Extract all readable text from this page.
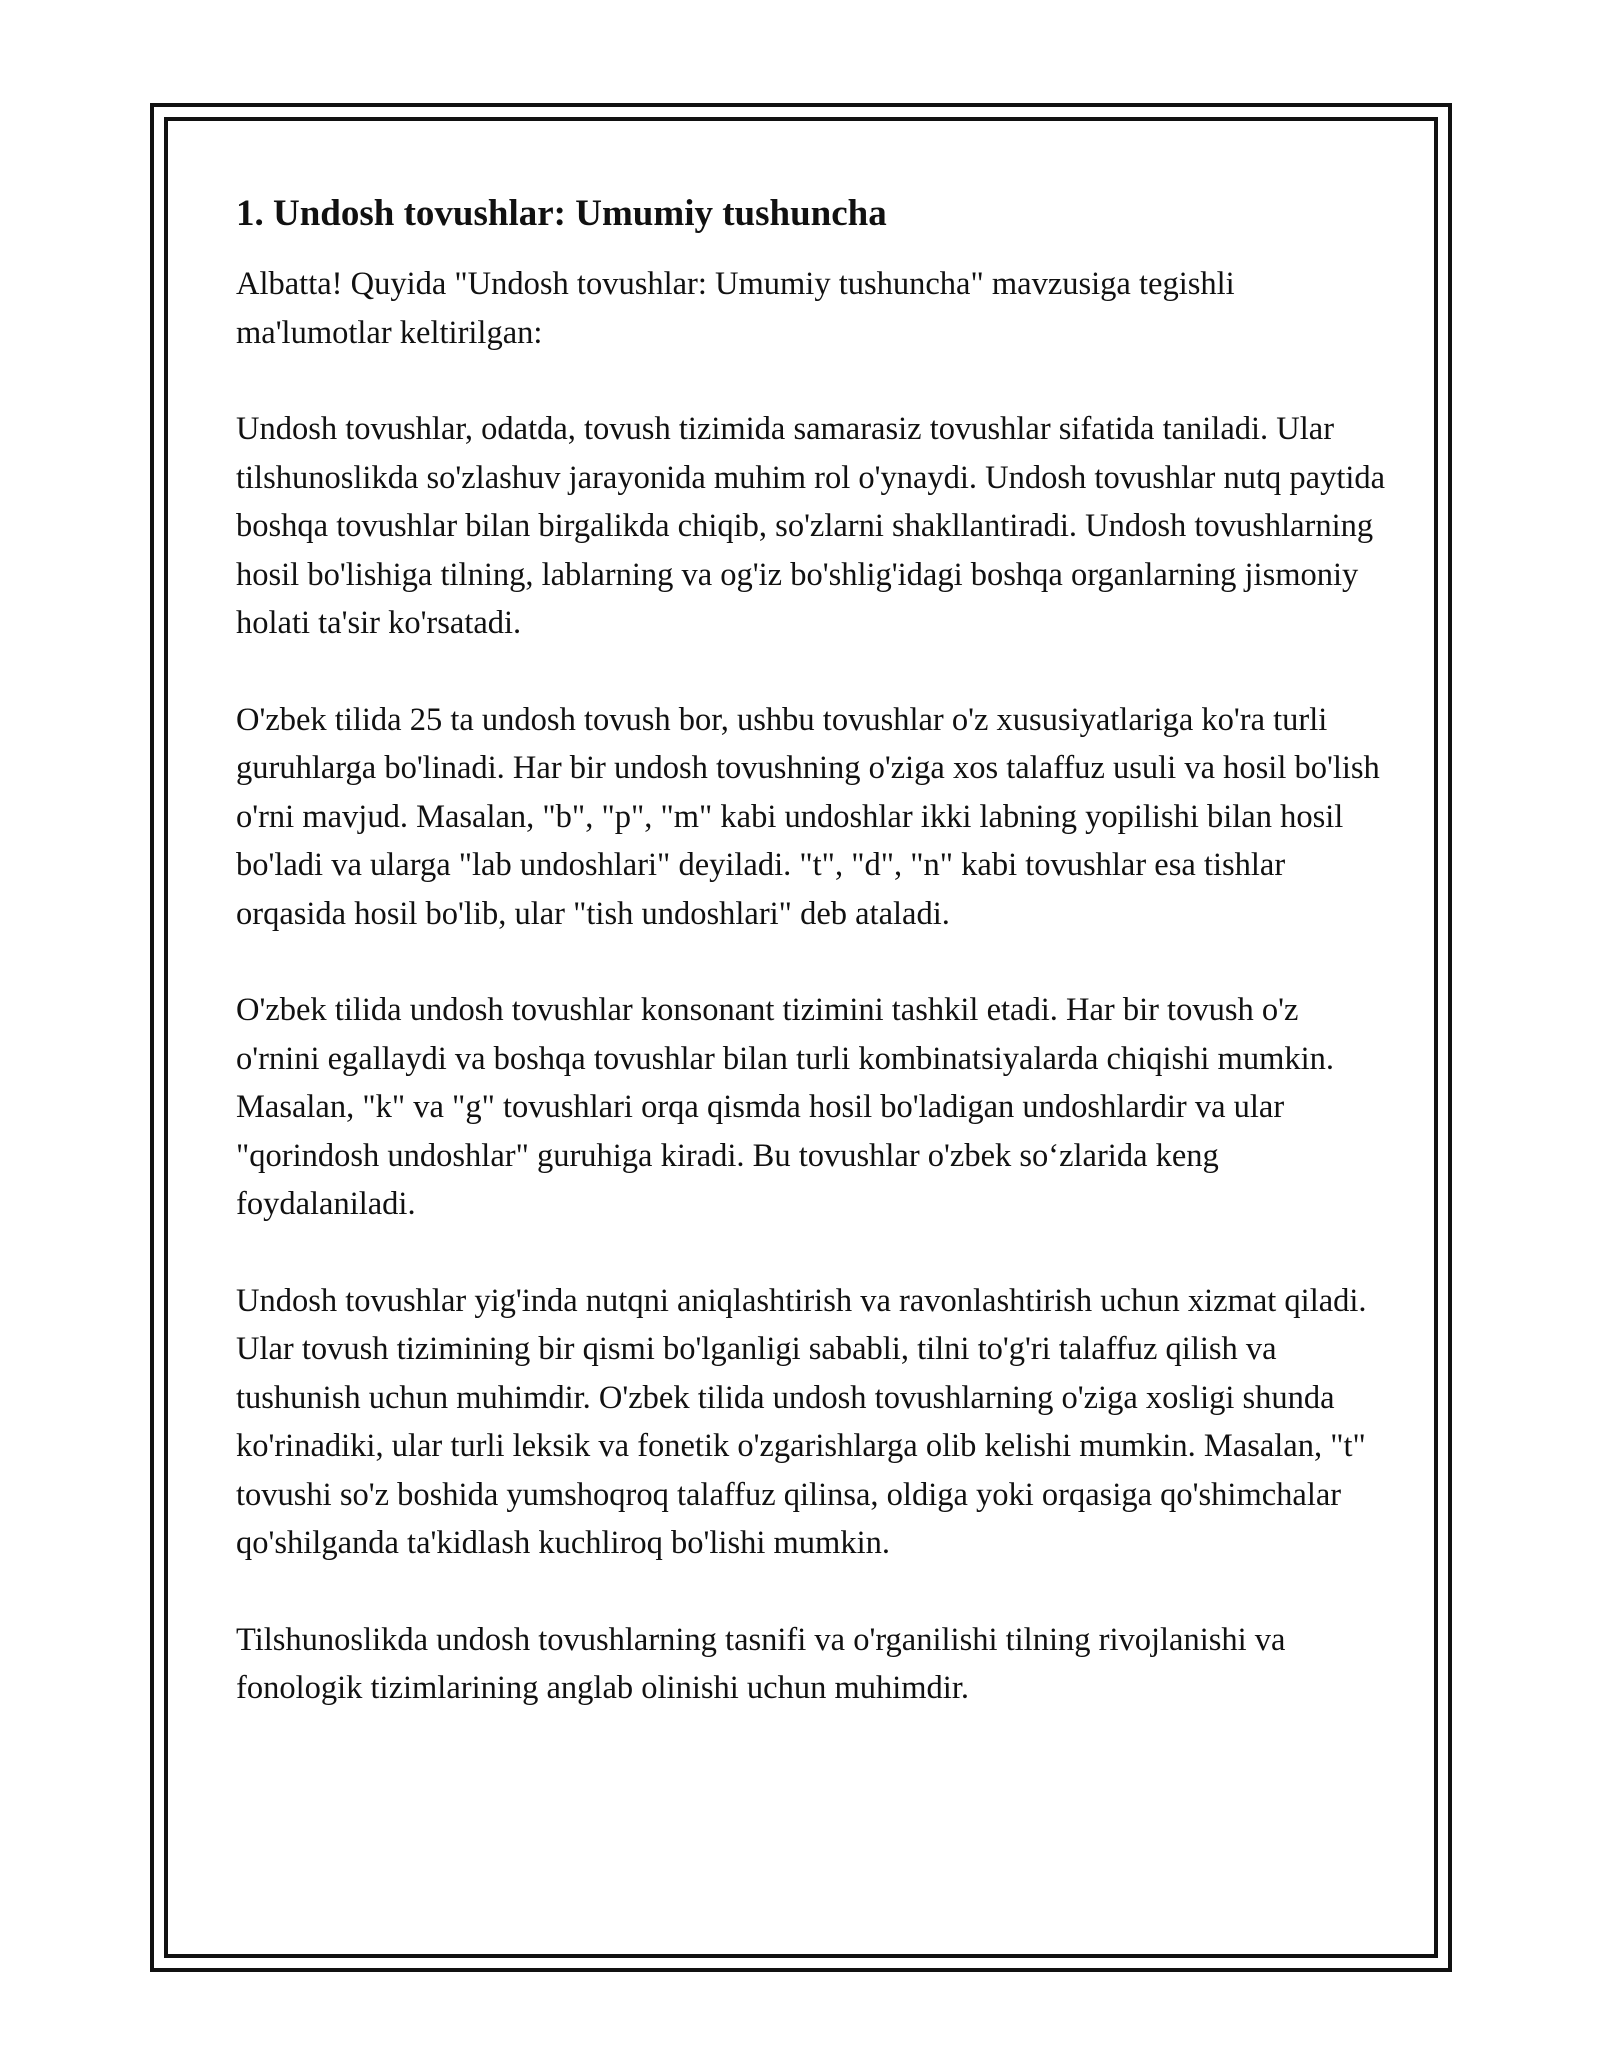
1. Undosh tovushlar: Umumiy tushuncha

Albatta! Quyida "Undosh tovushlar: Umumiy tushuncha" mavzusiga tegishli ma'lumotlar keltirilgan:

Undosh tovushlar, odatda, tovush tizimida samarasiz tovushlar sifatida taniladi. Ular tilshunoslikda so'zlashuv jarayonida muhim rol o'ynaydi. Undosh tovushlar nutq paytida boshqa tovushlar bilan birgalikda chiqib, so'zlarni shakllantiradi. Undosh tovushlarning hosil bo'lishiga tilning, lablarning va og'iz bo'shlig'idagi boshqa organlarning jismoniy holati ta'sir ko'rsatadi.

O'zbek tilida 25 ta undosh tovush bor, ushbu tovushlar o'z xususiyatlariga ko'ra turli guruhlarga bo'linadi. Har bir undosh tovushning o'ziga xos talaffuz usuli va hosil bo'lish o'rni mavjud. Masalan, "b", "p", "m" kabi undoshlar ikki labning yopilishi bilan hosil bo'ladi va ularga "lab undoshlari" deyiladi. "t", "d", "n" kabi tovushlar esa tishlar orqasida hosil bo'lib, ular "tish undoshlari" deb ataladi.

O'zbek tilida undosh tovushlar konsonant tizimini tashkil etadi. Har bir tovush o'z o'rnini egallaydi va boshqa tovushlar bilan turli kombinatsiyalarda chiqishi mumkin. Masalan, "k" va "g" tovushlari orqa qismda hosil bo'ladigan undoshlardir va ular "qorindosh undoshlar" guruhiga kiradi. Bu tovushlar o'zbek so‘zlarida keng foydalaniladi.

Undosh tovushlar yig'inda nutqni aniqlashtirish va ravonlashtirish uchun xizmat qiladi. Ular tovush tizimining bir qismi bo'lganligi sababli, tilni to'g'ri talaffuz qilish va tushunish uchun muhimdir. O'zbek tilida undosh tovushlarning o'ziga xosligi shunda ko'rinadiki, ular turli leksik va fonetik o'zgarishlarga olib kelishi mumkin. Masalan, "t" tovushi so'z boshida yumshoqroq talaffuz qilinsa, oldiga yoki orqasiga qo'shimchalar qo'shilganda ta'kidlash kuchliroq bo'lishi mumkin.

Tilshunoslikda undosh tovushlarning tasnifi va o'rganilishi tilning rivojlanishi va fonologik tizimlarining anglab olinishi uchun muhimdir.
